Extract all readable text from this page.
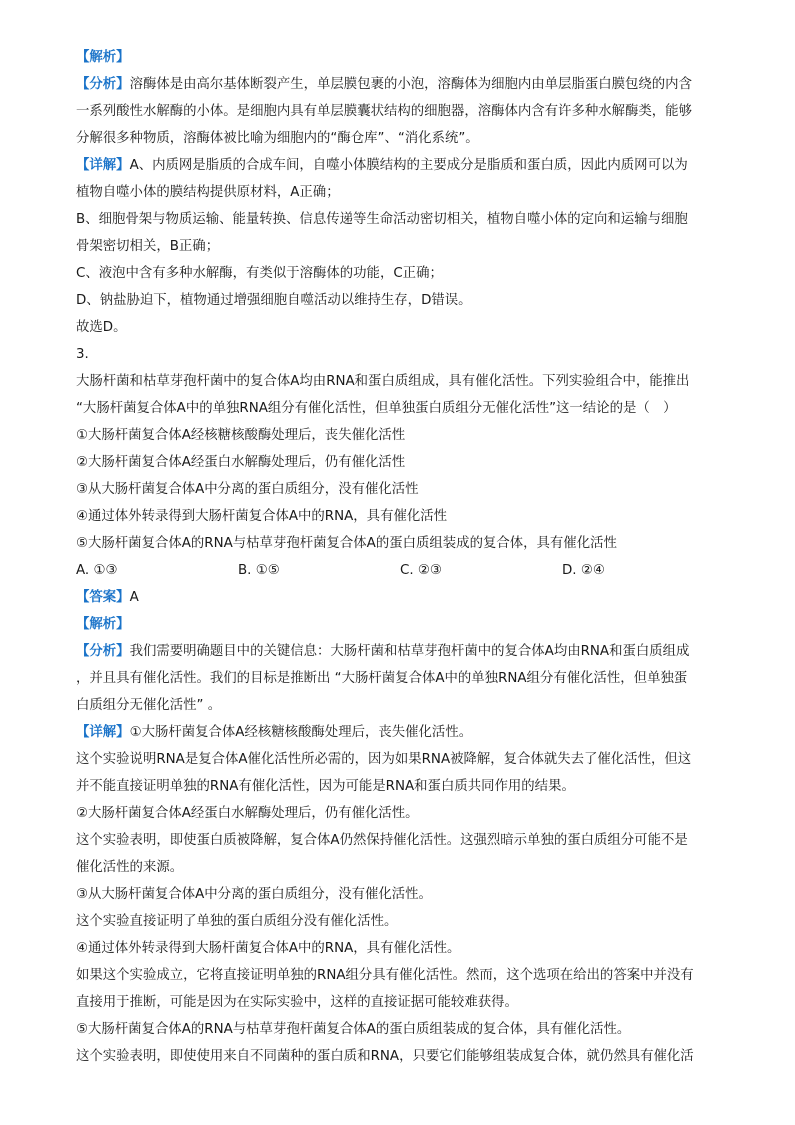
【解析】
【分析】溶酶体是由高尔基体断裂产生，单层膜包裹的小泡，溶酶体为细胞内由单层脂蛋白膜包绕的内含
一系列酸性水解酶的小体。是细胞内具有单层膜囊状结构的细胞器，溶酶体内含有许多种水解酶类，能够
分解很多种物质，溶酶体被比喻为细胞内的“酶仓库”、“消化系统”。
【详解】A、内质网是脂质的合成车间，自噬小体膜结构的主要成分是脂质和蛋白质，因此内质网可以为
植物自噬小体的膜结构提供原材料，A正确；
B、细胞骨架与物质运输、能量转换、信息传递等生命活动密切相关，植物自噬小体的定向和运输与细胞
骨架密切相关，B正确；
C、液泡中含有多种水解酶，有类似于溶酶体的功能，C正确；
D、钠盐胁迫下，植物通过增强细胞自噬活动以维持生存，D错误。
故选D。
3.
大肠杆菌和枯草芽孢杆菌中的复合体A均由RNA和蛋白质组成，具有催化活性。下列实验组合中，能推出
“大肠杆菌复合体A中的单独RNA组分有催化活性，但单独蛋白质组分无催化活性”这一结论的是（　）
①大肠杆菌复合体A经核糖核酸酶处理后，丧失催化活性
②大肠杆菌复合体A经蛋白水解酶处理后，仍有催化活性
③从大肠杆菌复合体A中分离的蛋白质组分，没有催化活性
④通过体外转录得到大肠杆菌复合体A中的RNA，具有催化活性
⑤大肠杆菌复合体A的RNA与枯草芽孢杆菌复合体A的蛋白质组装成的复合体，具有催化活性
A. ①③	B. ①⑤	C. ②③	D. ②④
【答案】A
【解析】
【分析】我们需要明确题目中的关键信息：大肠杆菌和枯草芽孢杆菌中的复合体A均由RNA和蛋白质组成
，并且具有催化活性。我们的目标是推断出 “大肠杆菌复合体A中的单独RNA组分有催化活性，但单独蛋
白质组分无催化活性” 。
【详解】①大肠杆菌复合体A经核糖核酸酶处理后，丧失催化活性。
这个实验说明RNA是复合体A催化活性所必需的，因为如果RNA被降解，复合体就失去了催化活性，但这
并不能直接证明单独的RNA有催化活性，因为可能是RNA和蛋白质共同作用的结果。
②大肠杆菌复合体A经蛋白水解酶处理后，仍有催化活性。
这个实验表明，即使蛋白质被降解，复合体A仍然保持催化活性。这强烈暗示单独的蛋白质组分可能不是
催化活性的来源。
③从大肠杆菌复合体A中分离的蛋白质组分，没有催化活性。
这个实验直接证明了单独的蛋白质组分没有催化活性。
④通过体外转录得到大肠杆菌复合体A中的RNA，具有催化活性。
如果这个实验成立，它将直接证明单独的RNA组分具有催化活性。然而，这个选项在给出的答案中并没有
直接用于推断，可能是因为在实际实验中，这样的直接证据可能较难获得。
⑤大肠杆菌复合体A的RNA与枯草芽孢杆菌复合体A的蛋白质组装成的复合体，具有催化活性。
这个实验表明，即使使用来自不同菌种的蛋白质和RNA，只要它们能够组装成复合体，就仍然具有催化活
